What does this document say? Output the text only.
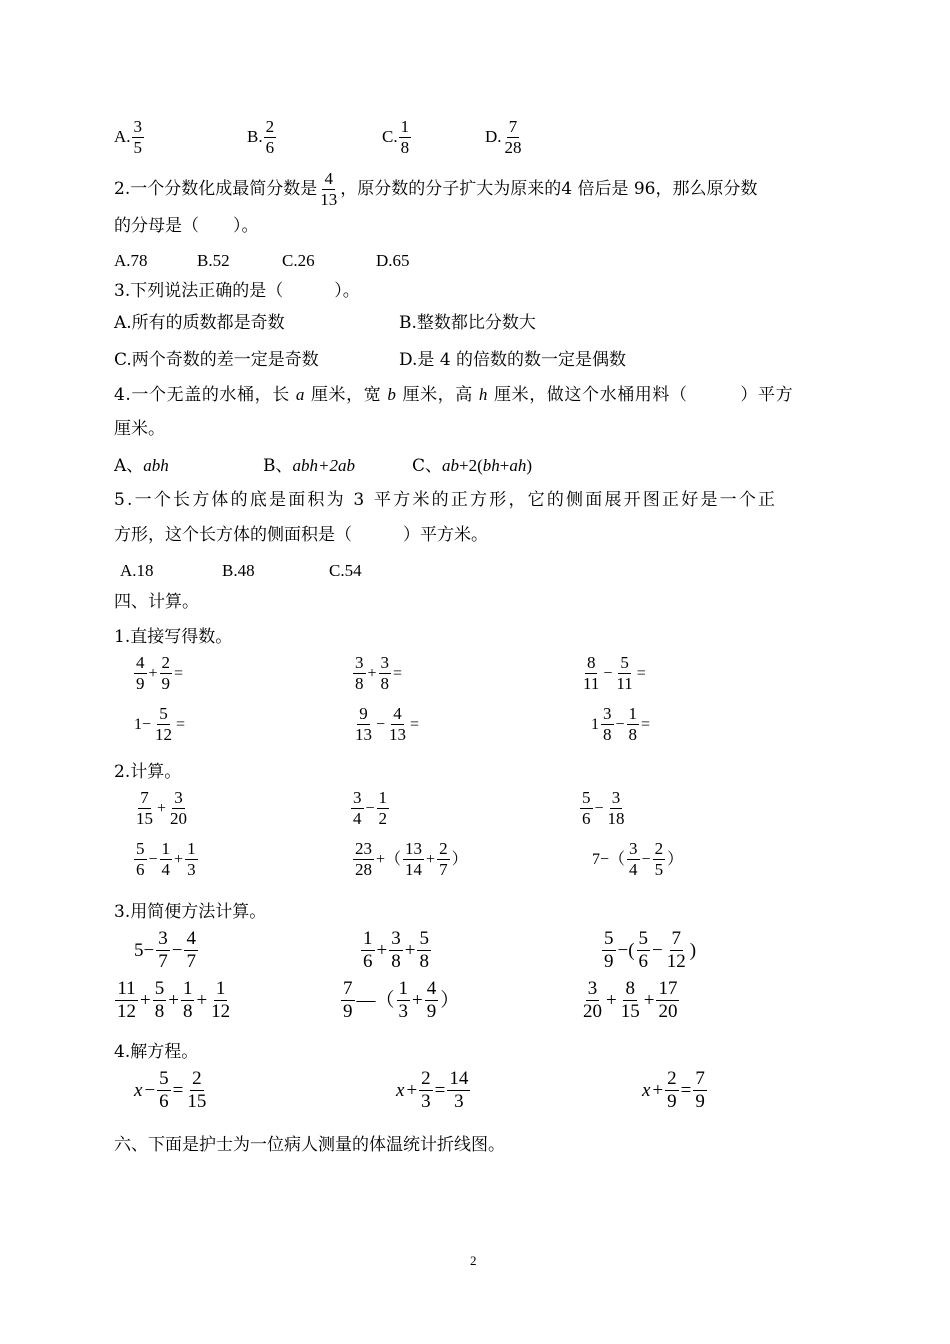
A. $\frac{3}{5}$	B. $\frac{2}{6}$	C. $\frac{1}{8}$	D. $\frac{7}{28}$
2.一个分数化成最简分数是 $\frac{4}{13}$ ，原分数的分子扩大为原来的4 倍后是 96，那么原分数
的分母是（　　）。
A.78	B.52	C.26	D.65
3.下列说法正确的是（　　　）。
A.所有的质数都是奇数	B.整数都比分数大
C.两个奇数的差一定是奇数	D.是 4 的倍数的数一定是偶数
4.一个无盖的水桶，长 a 厘米，宽 b 厘米，高 h 厘米，做这个水桶用料（　　　）平方
厘米。
A、abh	B、abh+2ab	C、ab+2(bh+ah)
5.一个长方体的底是面积为 3 平方米的正方形，它的侧面展开图正好是一个正
方形，这个长方体的侧面积是（　　　）平方米。
A.18	B.48	C.54
四、计算。
1.直接写得数。
$\frac{4}{9} + \frac{2}{9}$ =	$\frac{3}{8} + \frac{3}{8}$ =	$\frac{8}{11} - \frac{5}{11}$ =
$1- \frac{5}{12}$ =	$\frac{9}{13} - \frac{4}{13}$ =	$1 \frac{3}{8} - \frac{1}{8}$ =
2.计算。
$\frac{7}{15} + \frac{3}{20}$	$\frac{3}{4} - \frac{1}{2}$	$\frac{5}{6} - \frac{3}{18}$
$\frac{5}{6} - \frac{1}{4} + \frac{1}{3}$	$\frac{23}{28}$ +（ $\frac{13}{14} + \frac{2}{7}$ ）	$7-( \frac{3}{4} - \frac{2}{5}$ ）
3.用简便方法计算。
$5- \frac{3}{7} - \frac{4}{7}$	$\frac{1}{6} + \frac{3}{8} + \frac{5}{8}$	$\frac{5}{9}$ −( $\frac{5}{6} - \frac{7}{12}$ )
$\frac{11}{12} + \frac{5}{8} + \frac{1}{8} + \frac{1}{12}$	$\frac{7}{9}$ —（ $\frac{1}{3} + \frac{4}{9}$ ）	$\frac{3}{20} + \frac{8}{15} + \frac{17}{20}$
4.解方程。
$x - \frac{5}{6} = \frac{2}{15}$	$x + \frac{2}{3} = \frac{14}{3}$	$x + \frac{2}{9} = \frac{7}{9}$
六、下面是护士为一位病人测量的体温统计折线图。
2
